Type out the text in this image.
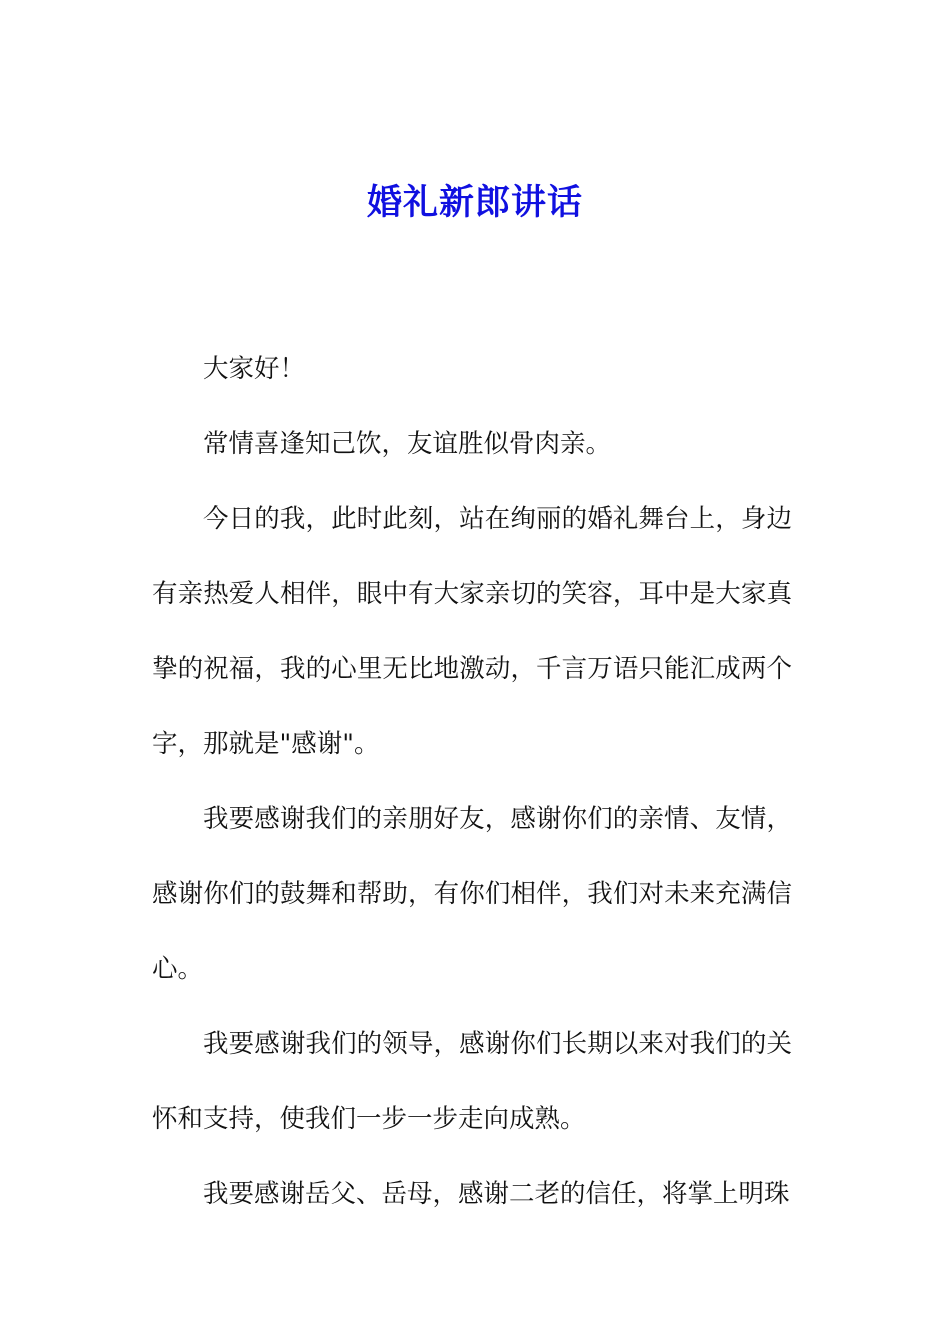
婚礼新郎讲话

大家好！

常情喜逢知己饮，友谊胜似骨肉亲。

今日的我，此时此刻，站在绚丽的婚礼舞台上，身边有亲热爱人相伴，眼中有大家亲切的笑容，耳中是大家真挚的祝福，我的心里无比地激动，千言万语只能汇成两个字，那就是"感谢"。

我要感谢我们的亲朋好友，感谢你们的亲情、友情，感谢你们的鼓舞和帮助，有你们相伴，我们对未来充满信心。

我要感谢我们的领导，感谢你们长期以来对我们的关怀和支持，使我们一步一步走向成熟。

我要感谢岳父、岳母，感谢二老的信任，将掌上明珠
